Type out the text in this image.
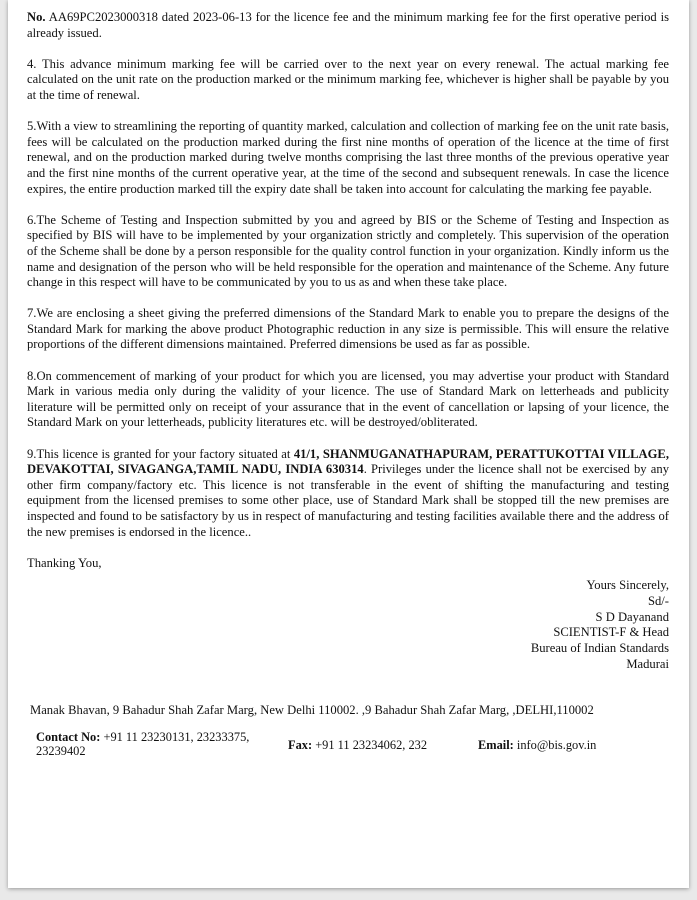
No. AA69PC2023000318 dated 2023-06-13 for the licence fee and the minimum marking fee for the first operative period is already issued.

4. This advance minimum marking fee will be carried over to the next year on every renewal. The actual marking fee calculated on the unit rate on the production marked or the minimum marking fee, whichever is higher shall be payable by you at the time of renewal.

5.With a view to streamlining the reporting of quantity marked, calculation and collection of marking fee on the unit rate basis, fees will be calculated on the production marked during the first nine months of operation of the licence at the time of first renewal, and on the production marked during twelve months comprising the last three months of the previous operative year and the first nine months of the current operative year, at the time of the second and subsequent renewals. In case the licence expires, the entire production marked till the expiry date shall be taken into account for calculating the marking fee payable.

6.The Scheme of Testing and Inspection submitted by you and agreed by BIS or the Scheme of Testing and Inspection as specified by BIS will have to be implemented by your organization strictly and completely. This supervision of the operation of the Scheme shall be done by a person responsible for the quality control function in your organization. Kindly inform us the name and designation of the person who will be held responsible for the operation and maintenance of the Scheme. Any future change in this respect will have to be communicated by you to us as and when these take place.

7.We are enclosing a sheet giving the preferred dimensions of the Standard Mark to enable you to prepare the designs of the Standard Mark for marking the above product Photographic reduction in any size is permissible. This will ensure the relative proportions of the different dimensions maintained. Preferred dimensions be used as far as possible.

8.On commencement of marking of your product for which you are licensed, you may advertise your product with Standard Mark in various media only during the validity of your licence. The use of Standard Mark on letterheads and publicity literature will be permitted only on receipt of your assurance that in the event of cancellation or lapsing of your licence, the Standard Mark on your letterheads, publicity literatures etc. will be destroyed/obliterated.

9.This licence is granted for your factory situated at 41/1, SHANMUGANATHAPURAM, PERATTUKOTTAI VILLAGE, DEVAKOTTAI, SIVAGANGA,TAMIL NADU, INDIA 630314. Privileges under the licence shall not be exercised by any other firm company/factory etc. This licence is not transferable in the event of shifting the manufacturing and testing equipment from the licensed premises to some other place, use of Standard Mark shall be stopped till the new premises are inspected and found to be satisfactory by us in respect of manufacturing and testing facilities available there and the address of the new premises is endorsed in the licence..

Thanking You,
Yours Sincerely,
Sd/-
S D Dayanand
SCIENTIST-F & Head
Bureau of Indian Standards
Madurai
Manak Bhavan, 9 Bahadur Shah Zafar Marg, New Delhi 110002. ,9 Bahadur Shah Zafar Marg, ,DELHI,110002
Contact No: +91 11 23230131, 23233375, 23239402	Fax: +91 11 23234062, 232	Email: info@bis.gov.in
